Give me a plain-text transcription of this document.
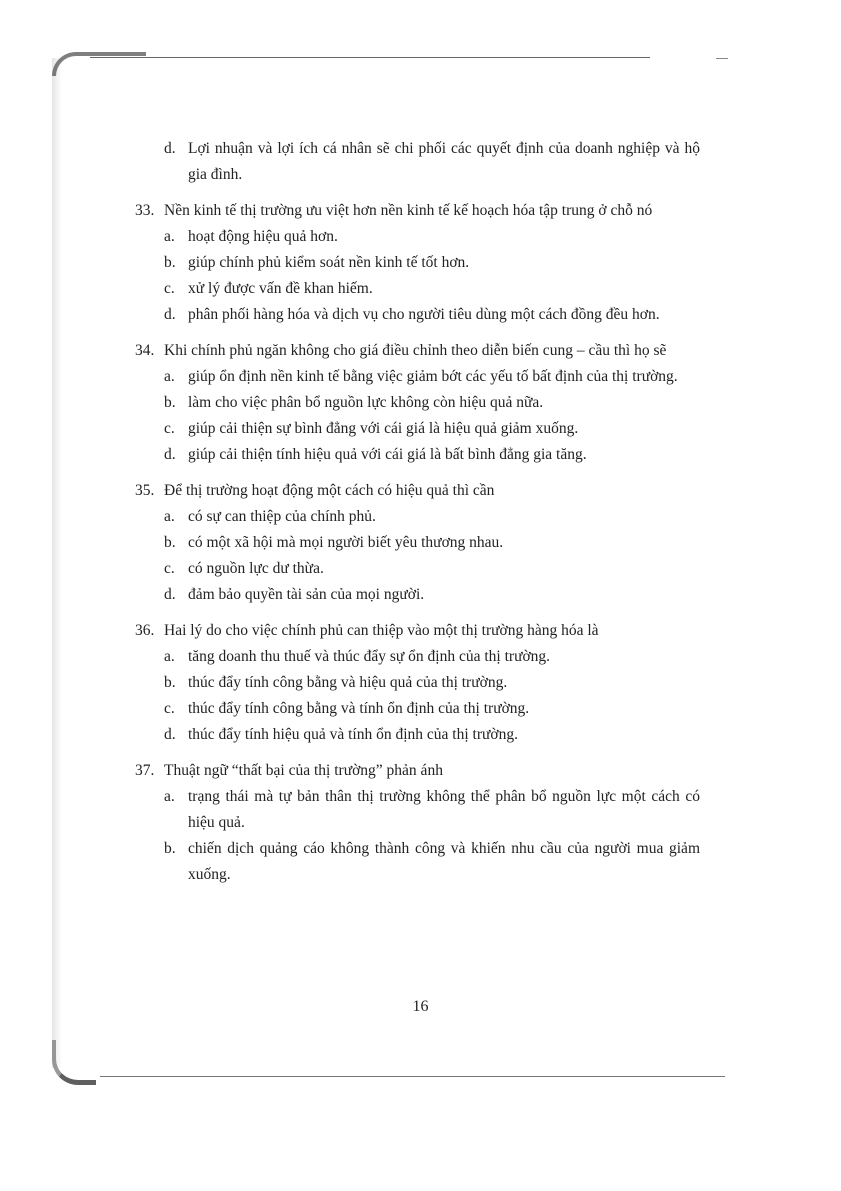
d. Lợi nhuận và lợi ích cá nhân sẽ chi phối các quyết định của doanh nghiệp và hộ gia đình.
33. Nền kinh tế thị trường ưu việt hơn nền kinh tế kế hoạch hóa tập trung ở chỗ nó
a. hoạt động hiệu quả hơn.
b. giúp chính phủ kiểm soát nền kinh tế tốt hơn.
c. xử lý được vấn đề khan hiếm.
d. phân phối hàng hóa và dịch vụ cho người tiêu dùng một cách đồng đều hơn.
34. Khi chính phủ ngăn không cho giá điều chỉnh theo diễn biến cung – cầu thì họ sẽ
a. giúp ổn định nền kinh tế bằng việc giảm bớt các yếu tố bất định của thị trường.
b. làm cho việc phân bổ nguồn lực không còn hiệu quả nữa.
c. giúp cải thiện sự bình đẳng với cái giá là hiệu quả giảm xuống.
d. giúp cải thiện tính hiệu quả với cái giá là bất bình đẳng gia tăng.
35. Để thị trường hoạt động một cách có hiệu quả thì cần
a. có sự can thiệp của chính phủ.
b. có một xã hội mà mọi người biết yêu thương nhau.
c. có nguồn lực dư thừa.
d. đảm bảo quyền tài sản của mọi người.
36. Hai lý do cho việc chính phủ can thiệp vào một thị trường hàng hóa là
a. tăng doanh thu thuế và thúc đẩy sự ổn định của thị trường.
b. thúc đẩy tính công bằng và hiệu quả của thị trường.
c. thúc đẩy tính công bằng và tính ổn định của thị trường.
d. thúc đẩy tính hiệu quả và tính ổn định của thị trường.
37. Thuật ngữ “thất bại của thị trường” phản ánh
a. trạng thái mà tự bản thân thị trường không thể phân bổ nguồn lực một cách có hiệu quả.
b. chiến dịch quảng cáo không thành công và khiến nhu cầu của người mua giảm xuống.
16
